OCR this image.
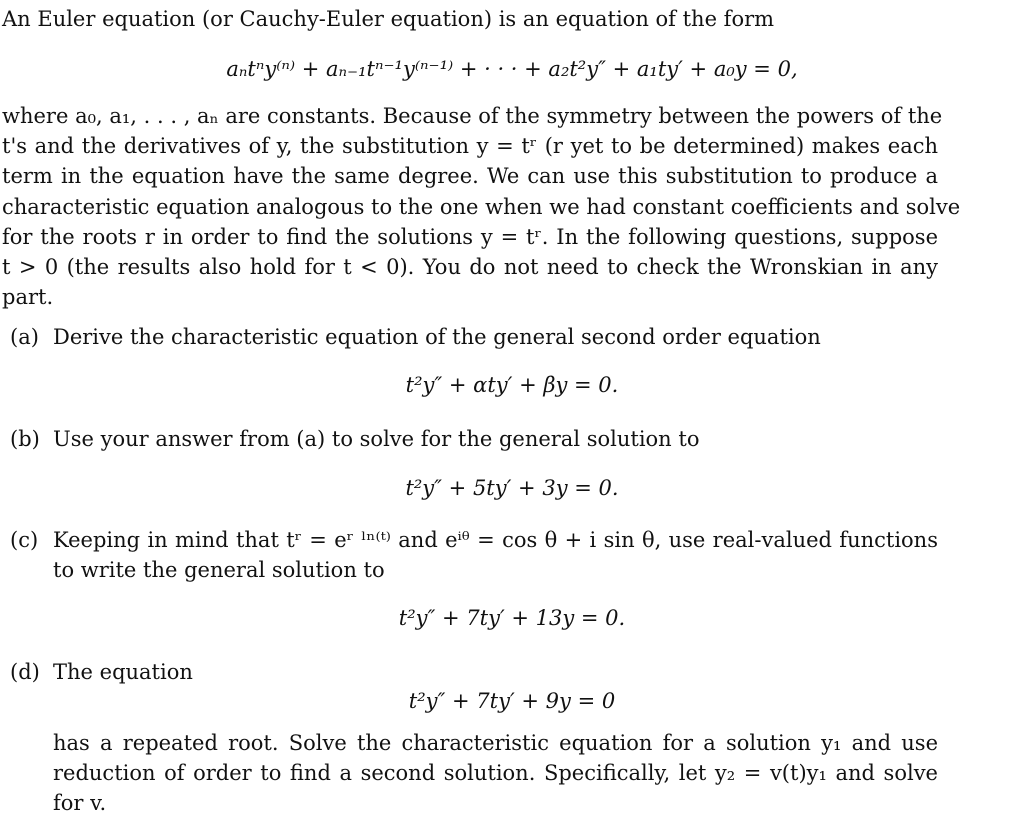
An Euler equation (or Cauchy-Euler equation) is an equation of the form
aₙtⁿy⁽ⁿ⁾ + aₙ₋₁tⁿ⁻¹y⁽ⁿ⁻¹⁾ + · · · + a₂t²y″ + a₁ty′ + a₀y = 0,
where a₀, a₁, . . . , aₙ are constants. Because of the symmetry between the powers of the
t's and the derivatives of y, the substitution y = tʳ (r yet to be determined) makes each
term in the equation have the same degree. We can use this substitution to produce a
characteristic equation analogous to the one when we had constant coefficients and solve
for the roots r in order to find the solutions y = tʳ. In the following questions, suppose
t > 0 (the results also hold for t < 0). You do not need to check the Wronskian in any
part.
(a) Derive the characteristic equation of the general second order equation
t²y″ + αty′ + βy = 0.
(b) Use your answer from (a) to solve for the general solution to
t²y″ + 5ty′ + 3y = 0.
(c) Keeping in mind that tʳ = eʳ ˡⁿ⁽ᵗ⁾ and eⁱᶿ = cos θ + i sin θ, use real-valued functions
to write the general solution to
t²y″ + 7ty′ + 13y = 0.
(d) The equation
t²y″ + 7ty′ + 9y = 0
has a repeated root. Solve the characteristic equation for a solution y₁ and use
reduction of order to find a second solution. Specifically, let y₂ = v(t)y₁ and solve
for v.
